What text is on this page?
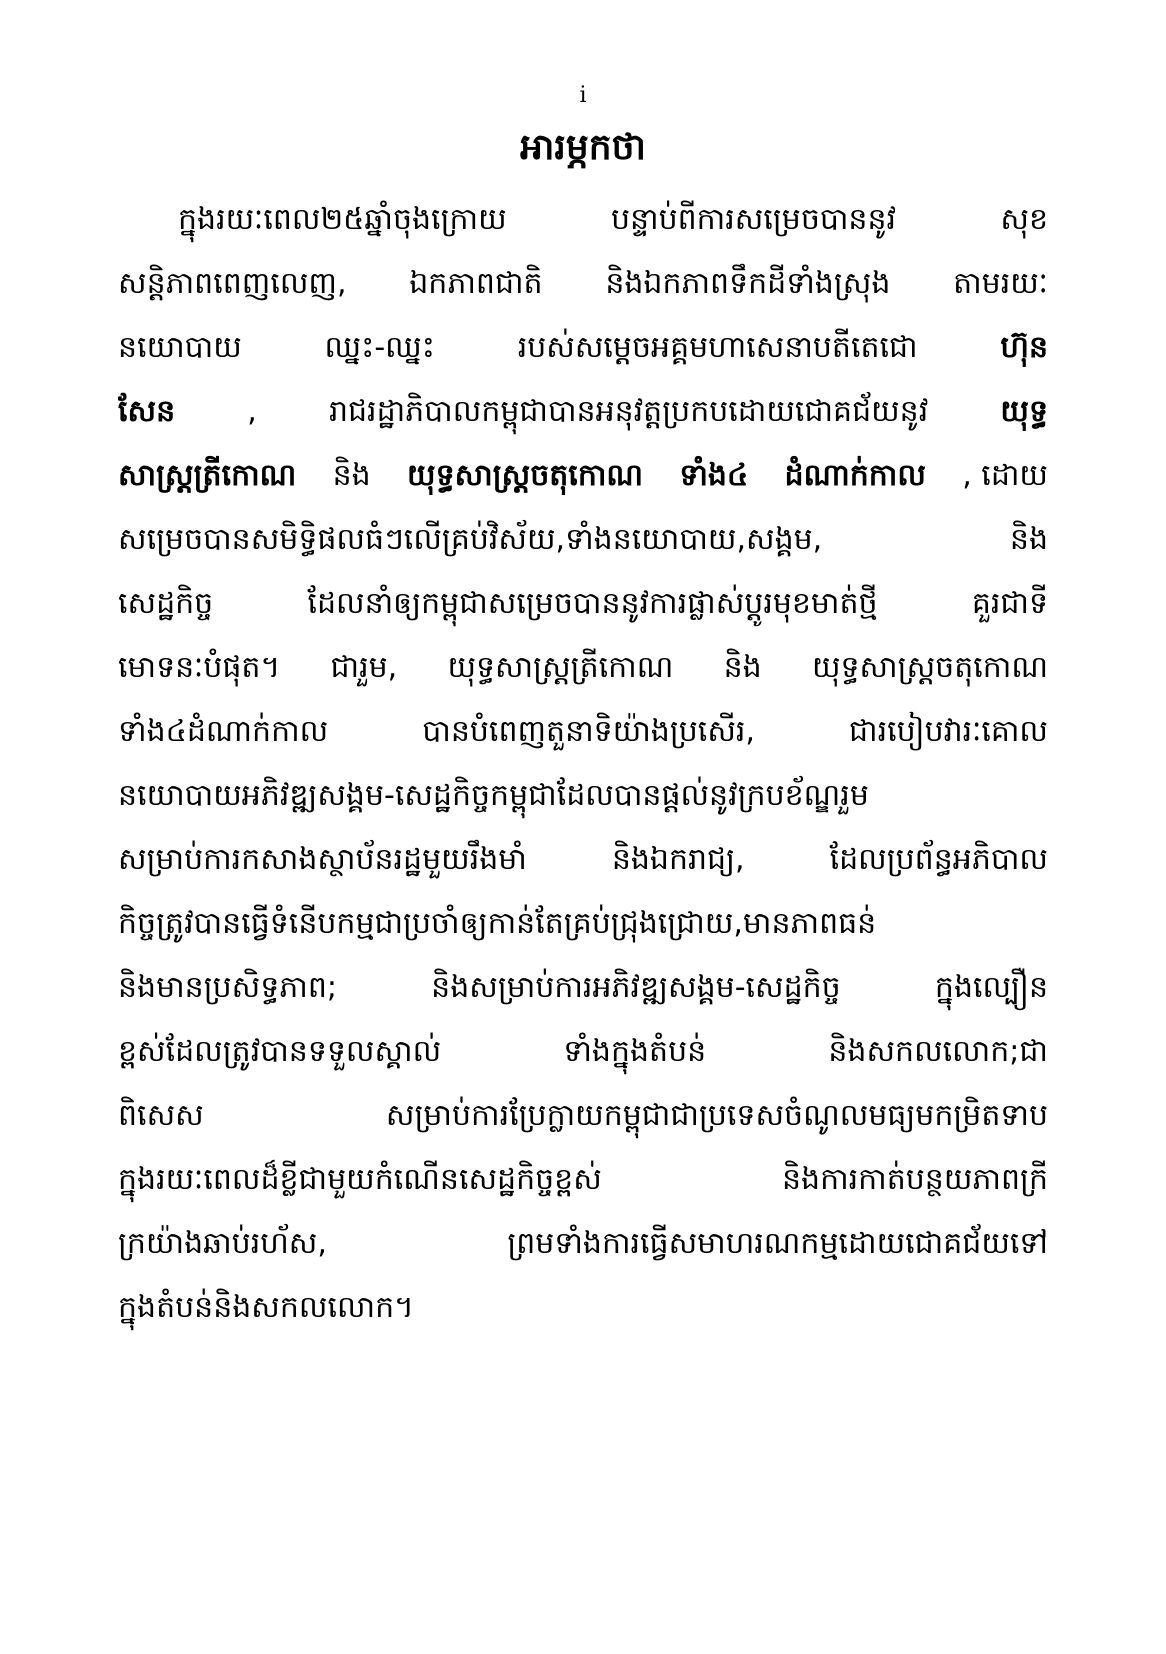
i
អារម្ភកថា
ក្នុងរយៈពេល២៥ឆ្នាំចុងក្រោយ	បន្ទាប់ពីការសម្រេចបាននូវ	សុខ
សន្តិភាពពេញលេញ, ឯកភាពជាតិ និងឯកភាពទឹកដីទាំងស្រុង តាមរយៈ
នយោបាយ	ឈ្នះ-ឈ្នះ	របស់សម្តេចអគ្គមហាសេនាបតីតេជោ	ហ៊ុន
សែន , រាជរដ្ឋាភិបាលកម្ពុជាបានអនុវត្តប្រកបដោយជោគជ័យនូវ យុទ្ធ
សាស្ត្រត្រីកោណ និង យុទ្ធសាស្ត្រចតុកោណ ទាំង៤ ដំណាក់កាល , ដោយ
សម្រេចបានសមិទ្ធិផលធំៗលើគ្រប់វិស័យ,ទាំងនយោបាយ,សង្គម,	និង
សេដ្ឋកិច្ច	ដែលនាំឲ្យកម្ពុជាសម្រេចបាននូវការផ្លាស់ប្តូរមុខមាត់ថ្មី	គួរជាទី
មោទនៈបំផុត។ ជារួម, យុទ្ធសាស្ត្រត្រីកោណ និង យុទ្ធសាស្ត្រចតុកោណ
ទាំង៤ដំណាក់កាល	បានបំពេញតួនាទិយ៉ាងប្រសើរ,	ជារបៀបវារៈគោល
នយោបាយអភិវឌ្ឍសង្គម-សេដ្ឋកិច្ចកម្ពុជាដែលបានផ្តល់នូវក្របខ័ណ្ឌរួម
សម្រាប់ការកសាងស្ថាប័នរដ្ឋមួយរឹងមាំ	និងឯករាជ្យ,	ដែលប្រព័ន្ធអភិបាល
កិច្ចត្រូវបានធ្វើទំនើបកម្មជាប្រចាំឲ្យកាន់តែគ្រប់ជ្រុងជ្រោយ,មានភាពធន់
និងមានប្រសិទ្ធភាព;	និងសម្រាប់ការអភិវឌ្ឍសង្គម-សេដ្ឋកិច្ច	ក្នុងល្បឿន
ខ្ពស់ដែលត្រូវបានទទួលស្គាល់	ទាំងក្នុងតំបន់	និងសកលលោក;ជា
ពិសេស	សម្រាប់ការប្រែក្លាយកម្ពុជាជាប្រទេសចំណូលមធ្យមកម្រិតទាប
ក្នុងរយៈពេលដ៏ខ្លីជាមួយកំណើនសេដ្ឋកិច្ចខ្ពស់	និងការកាត់បន្ថយភាពក្រី
ក្រយ៉ាងឆាប់រហ័ស,	ព្រមទាំងការធ្វើសមាហរណកម្មដោយជោគជ័យទៅ
ក្នុងតំបន់និងសកលលោក។
